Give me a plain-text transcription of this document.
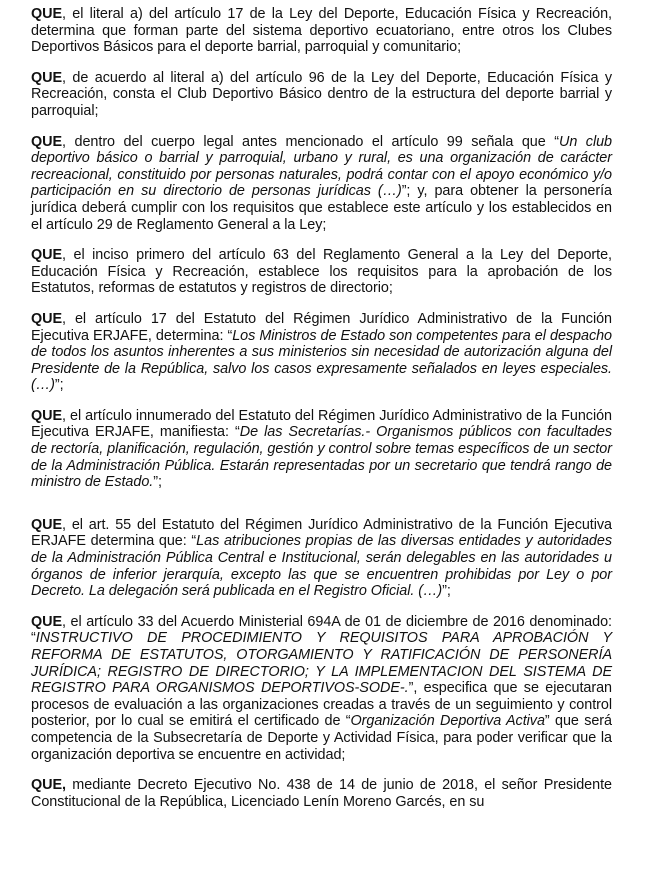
QUE, el literal a) del artículo 17 de la Ley del Deporte, Educación Física y Recreación, determina que forman parte del sistema deportivo ecuatoriano, entre otros los Clubes Deportivos Básicos para el deporte barrial, parroquial y comunitario;

QUE, de acuerdo al literal a) del artículo 96 de la Ley del Deporte, Educación Física y Recreación, consta el Club Deportivo Básico dentro de la estructura del deporte barrial y parroquial;

QUE, dentro del cuerpo legal antes mencionado el artículo 99 señala que “Un club deportivo básico o barrial y parroquial, urbano y rural, es una organización de carácter recreacional, constituido por personas naturales, podrá contar con el apoyo económico y/o participación en su directorio de personas jurídicas (…)”; y, para obtener la personería jurídica deberá cumplir con los requisitos que establece este artículo y los establecidos en el artículo 29 de Reglamento General a la Ley;

QUE, el inciso primero del artículo 63 del Reglamento General a la Ley del Deporte, Educación Física y Recreación, establece los requisitos para la aprobación de los Estatutos, reformas de estatutos y registros de directorio;

QUE, el artículo 17 del Estatuto del Régimen Jurídico Administrativo de la Función Ejecutiva ERJAFE, determina: “Los Ministros de Estado son competentes para el despacho de todos los asuntos inherentes a sus ministerios sin necesidad de autorización alguna del Presidente de la República, salvo los casos expresamente señalados en leyes especiales. (…)”;

QUE, el artículo innumerado del Estatuto del Régimen Jurídico Administrativo de la Función Ejecutiva ERJAFE, manifiesta: “De las Secretarías.- Organismos públicos con facultades de rectoría, planificación, regulación, gestión y control sobre temas específicos de un sector de la Administración Pública. Estarán representadas por un secretario que tendrá rango de ministro de Estado.”;

QUE, el art. 55 del Estatuto del Régimen Jurídico Administrativo de la Función Ejecutiva ERJAFE determina que: “Las atribuciones propias de las diversas entidades y autoridades de la Administración Pública Central e Institucional, serán delegables en las autoridades u órganos de inferior jerarquía, excepto las que se encuentren prohibidas por Ley o por Decreto. La delegación será publicada en el Registro Oficial. (…)”;

QUE, el artículo 33 del Acuerdo Ministerial 694A de 01 de diciembre de 2016 denominado: “INSTRUCTIVO DE PROCEDIMIENTO Y REQUISITOS PARA APROBACIÓN Y REFORMA DE ESTATUTOS, OTORGAMIENTO Y RATIFICACIÓN DE PERSONERÍA JURÍDICA; REGISTRO DE DIRECTORIO; Y LA IMPLEMENTACION DEL SISTEMA DE REGISTRO PARA ORGANISMOS DEPORTIVOS-SODE-.”, especifica que se ejecutaran procesos de evaluación a las organizaciones creadas a través de un seguimiento y control posterior, por lo cual se emitirá el certificado de “Organización Deportiva Activa” que será competencia de la Subsecretaría de Deporte y Actividad Física, para poder verificar que la organización deportiva se encuentre en actividad;

QUE, mediante Decreto Ejecutivo No. 438 de 14 de junio de 2018, el señor Presidente Constitucional de la República, Licenciado Lenín Moreno Garcés, en su
